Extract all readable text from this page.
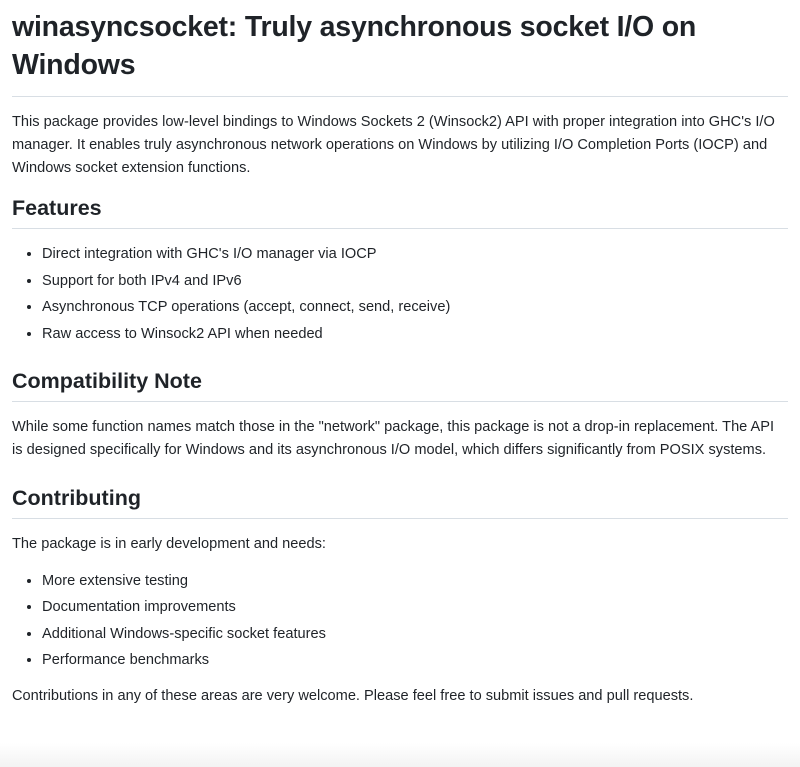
winasyncsocket: Truly asynchronous socket I/O on Windows

This package provides low-level bindings to Windows Sockets 2 (Winsock2) API with proper integration into GHC's I/O manager. It enables truly asynchronous network operations on Windows by utilizing I/O Completion Ports (IOCP) and Windows socket extension functions.

Features
• Direct integration with GHC's I/O manager via IOCP
• Support for both IPv4 and IPv6
• Asynchronous TCP operations (accept, connect, send, receive)
• Raw access to Winsock2 API when needed
Compatibility Note

While some function names match those in the "network" package, this package is not a drop-in replacement. The API is designed specifically for Windows and its asynchronous I/O model, which differs significantly from POSIX systems.

Contributing

The package is in early development and needs:

• More extensive testing
• Documentation improvements
• Additional Windows-specific socket features
• Performance benchmarks

Contributions in any of these areas are very welcome. Please feel free to submit issues and pull requests.
